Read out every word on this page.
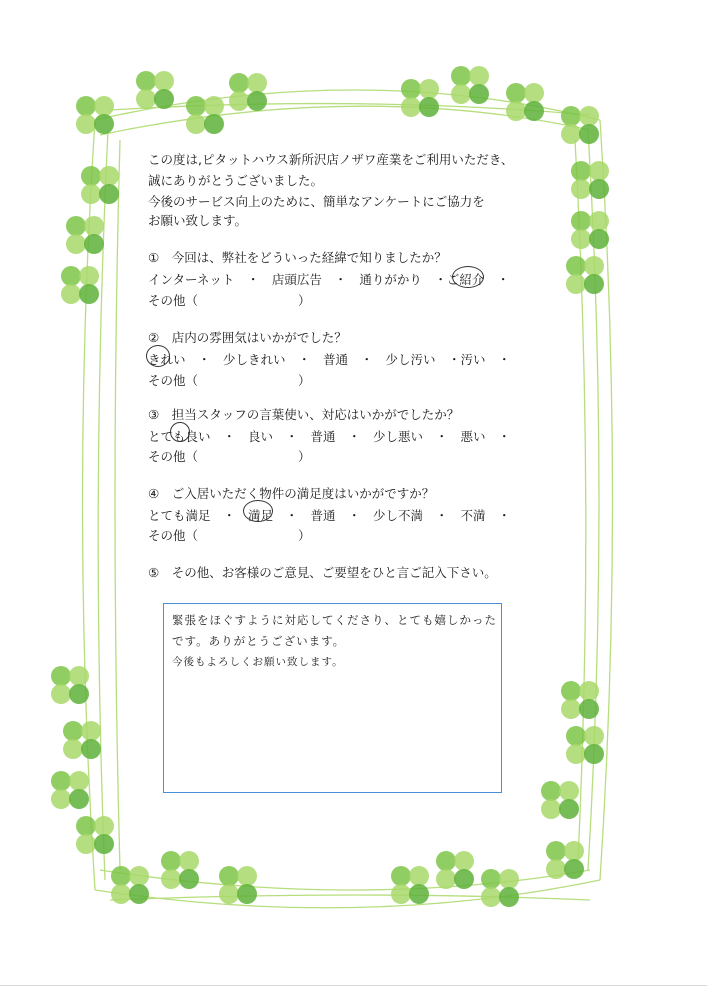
この度は,ピタットハウス新所沢店ノザワ産業をご利用いただき、
誠にありがとうございました。
今後のサービス向上のために、簡単なアンケートにご協力を
お願い致します。
①　 今回は、弊社をどういった経緯で知りましたか？
インターネット　・　店頭広告　・　通りがかり　・ご紹介　・
その他（　　　　　　　　）
②　 店内の雰囲気はいかがでした？
きれい　・　少しきれい　・　普通　・　少し汚い　・汚い　・
その他（　　　　　　　　）
③　 担当スタッフの言葉使い、対応はいかがでしたか？
とても良い　・　良い　・　普通　・　少し悪い　・　悪い　・
その他（　　　　　　　　）
④　 ご入居いただく物件の満足度はいかがですか？
とても満足　・　満足　・　普通　・　少し不満　・　不満　・
その他（　　　　　　　　）
⑤　 その他、お客様のご意見、ご要望をひと言ご記入下さい。
緊張をほぐすように対応してくださり、とても嬉しかった
です。ありがとうございます。
今後もよろしくお願い致します。
